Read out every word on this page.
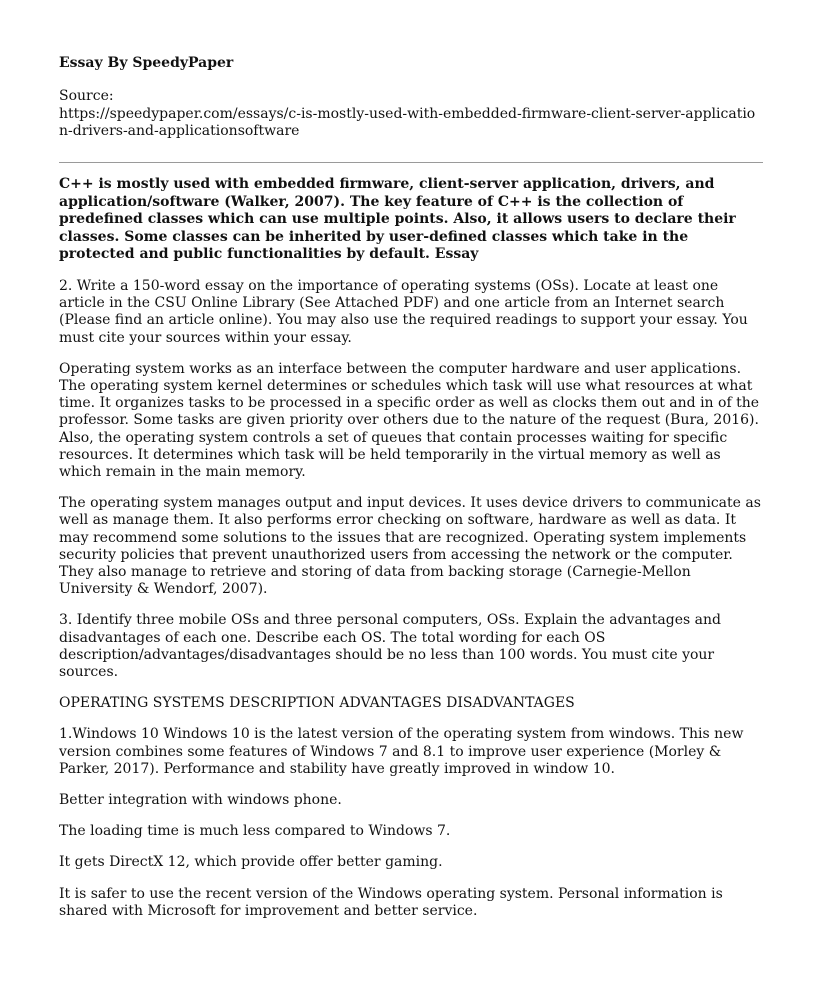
Essay By SpeedyPaper
Source:
https://speedypaper.com/essays/c-is-mostly-used-with-embedded-firmware-client-server-application-drivers-and-applicationsoftware
C++ is mostly used with embedded firmware, client-server application, drivers, and application/software (Walker, 2007). The key feature of C++ is the collection of predefined classes which can use multiple points. Also, it allows users to declare their classes. Some classes can be inherited by user-defined classes which take in the protected and public functionalities by default. Essay

2. Write a 150-word essay on the importance of operating systems (OSs). Locate at least one article in the CSU Online Library (See Attached PDF) and one article from an Internet search (Please find an article online). You may also use the required readings to support your essay. You must cite your sources within your essay.

Operating system works as an interface between the computer hardware and user applications. The operating system kernel determines or schedules which task will use what resources at what time. It organizes tasks to be processed in a specific order as well as clocks them out and in of the professor. Some tasks are given priority over others due to the nature of the request (Bura, 2016). Also, the operating system controls a set of queues that contain processes waiting for specific resources. It determines which task will be held temporarily in the virtual memory as well as which remain in the main memory.

The operating system manages output and input devices. It uses device drivers to communicate as well as manage them. It also performs error checking on software, hardware as well as data. It may recommend some solutions to the issues that are recognized. Operating system implements security policies that prevent unauthorized users from accessing the network or the computer. They also manage to retrieve and storing of data from backing storage (Carnegie-Mellon University & Wendorf, 2007).

3. Identify three mobile OSs and three personal computers, OSs. Explain the advantages and disadvantages of each one. Describe each OS. The total wording for each OS description/advantages/disadvantages should be no less than 100 words. You must cite your sources.

OPERATING SYSTEMS DESCRIPTION ADVANTAGES DISADVANTAGES

1.Windows 10 Windows 10 is the latest version of the operating system from windows. This new version combines some features of Windows 7 and 8.1 to improve user experience (Morley & Parker, 2017). Performance and stability have greatly improved in window 10.

Better integration with windows phone.

The loading time is much less compared to Windows 7.

It gets DirectX 12, which provide offer better gaming.

It is safer to use the recent version of the Windows operating system. Personal information is shared with Microsoft for improvement and better service.
